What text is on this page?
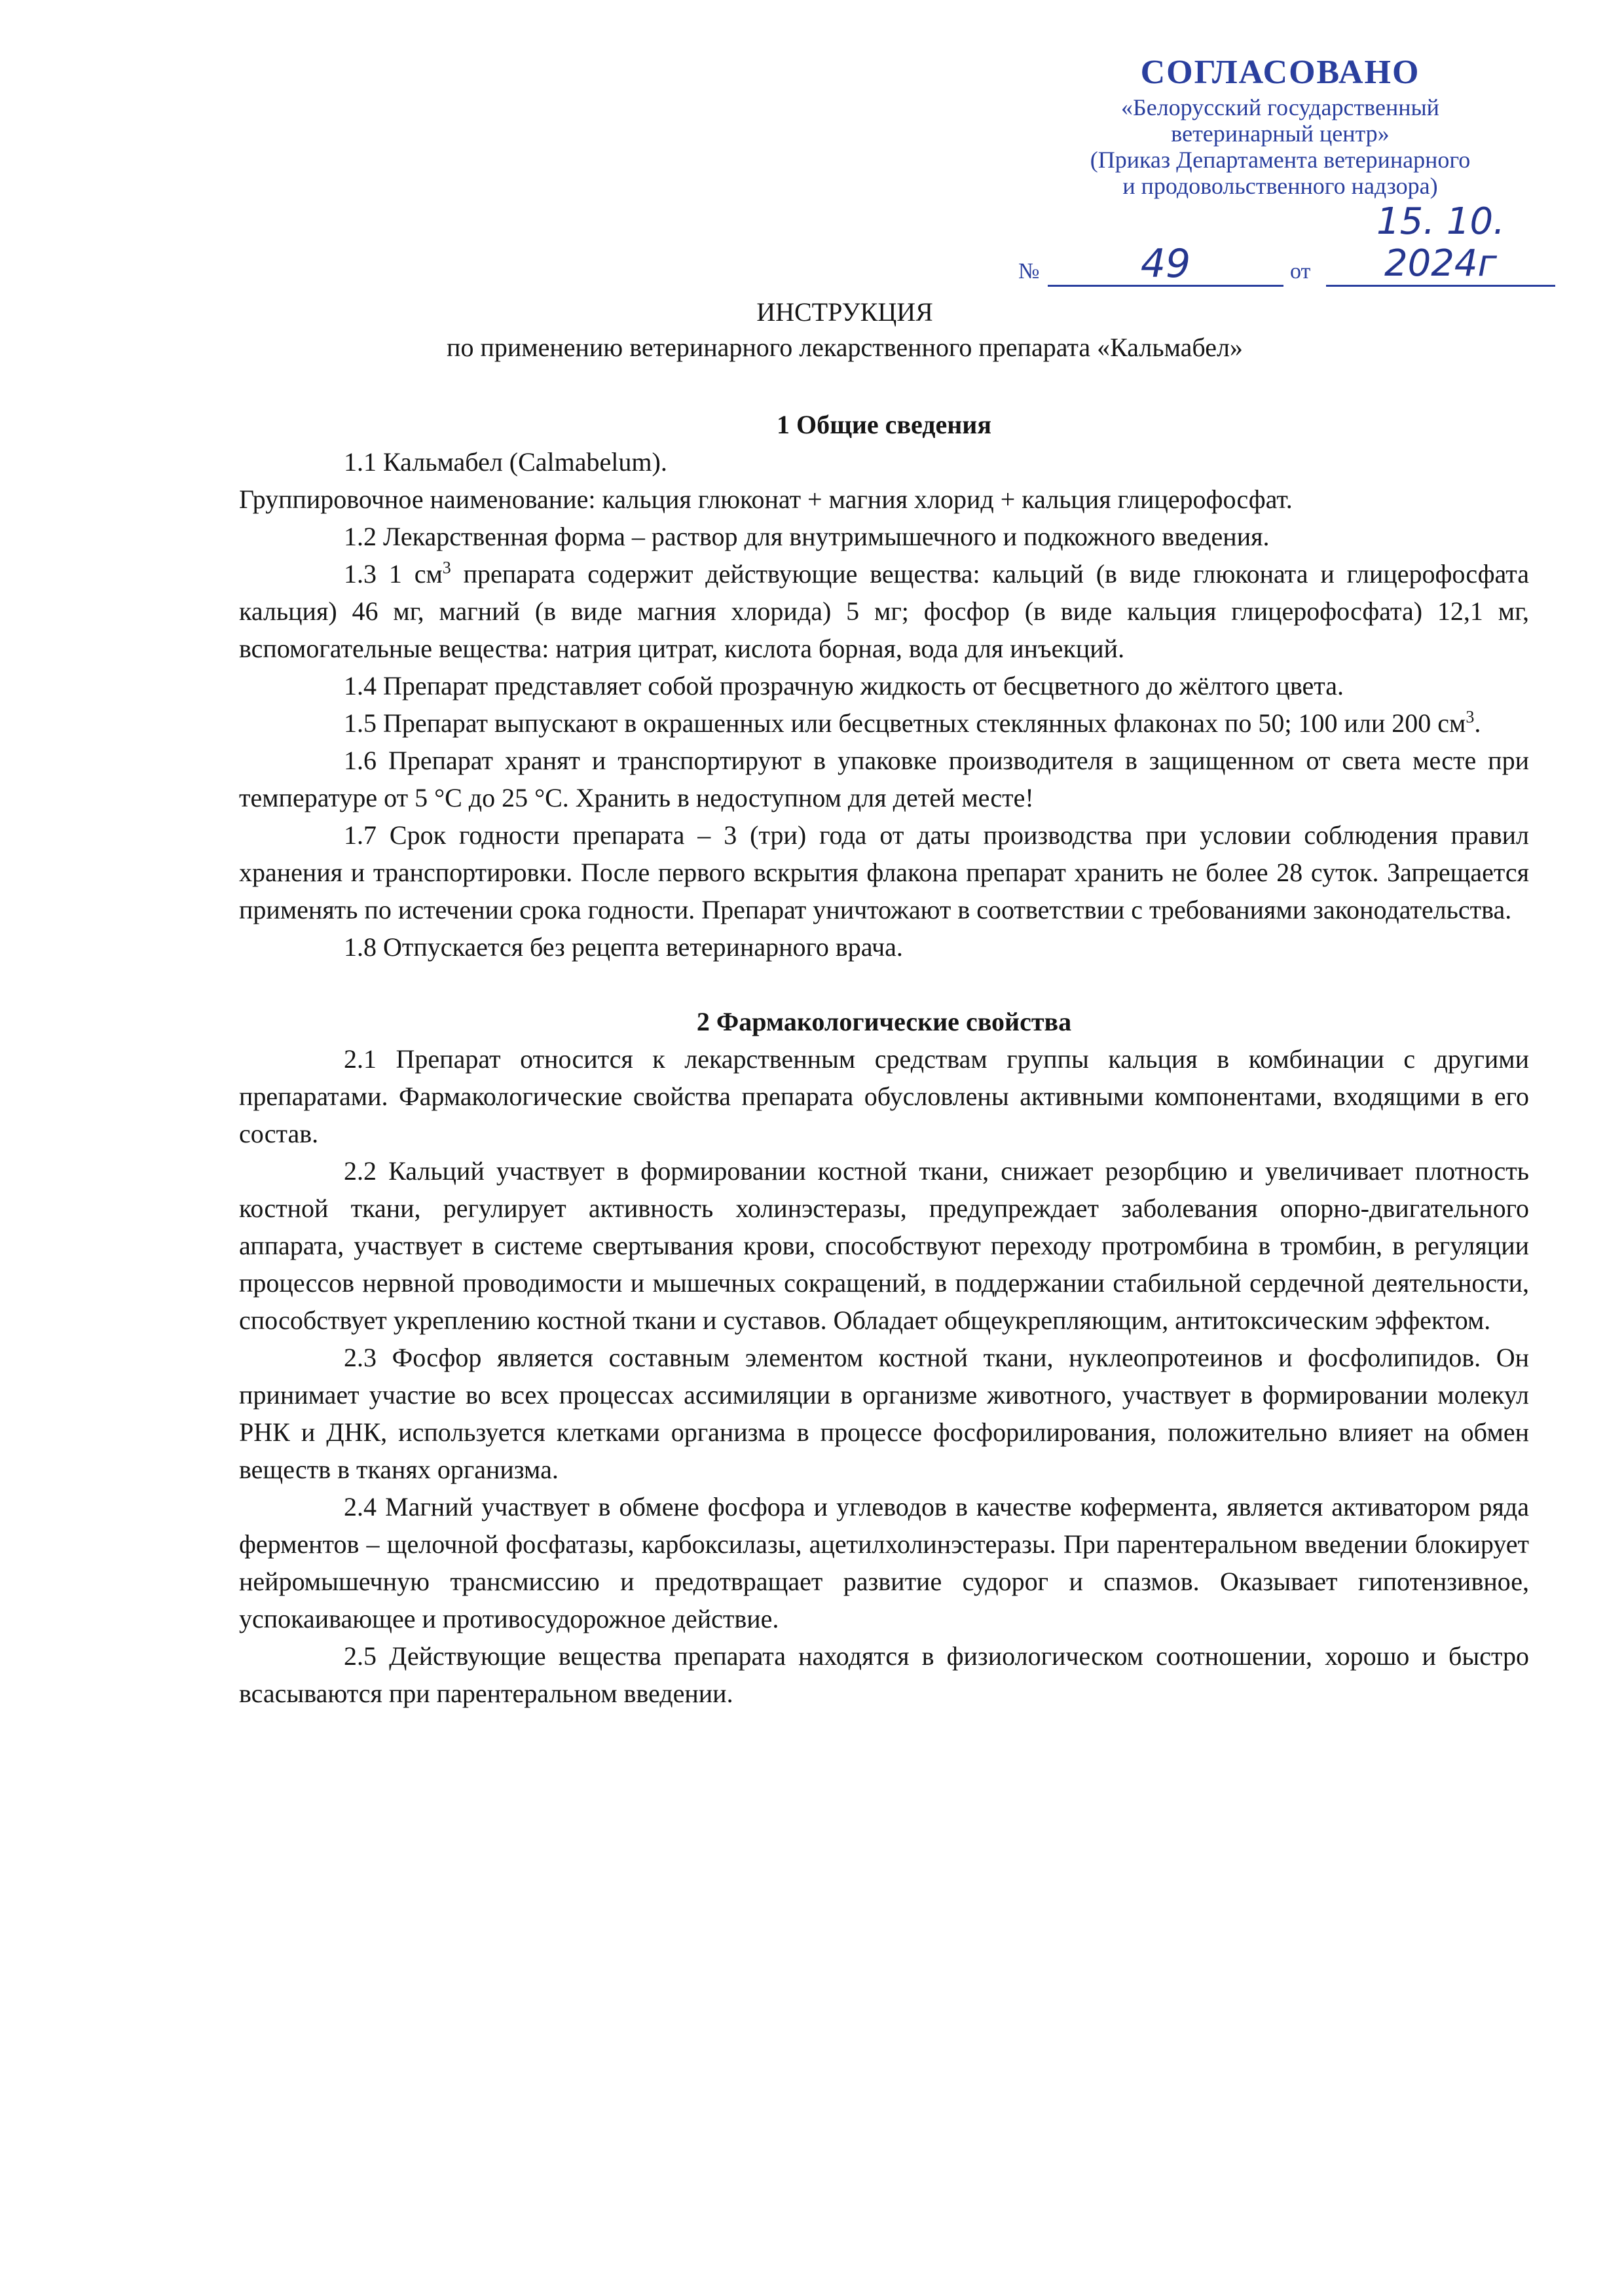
СОГЛАСОВАНО
«Белорусский государственный
ветеринарный центр»
(Приказ Департамента ветеринарного
и продовольственного надзора)
№	49	от
15. 10. 2024г
ИНСТРУКЦИЯ
по применению ветеринарного лекарственного препарата «Кальмабел»

1 Общие сведения

1.1 Кальмабел (Calmabelum).

Группировочное наименование: кальция глюконат + магния хлорид + кальция глицерофосфат.

1.2 Лекарственная форма – раствор для внутримышечного и подкожного введения.

1.3 1 $см^3$ препарата содержит действующие вещества: кальций (в виде глюконата и глицерофосфата кальция) 46 мг, магний (в виде магния хлорида) 5 мг; фосфор (в виде кальция глицерофосфата) 12,1 мг, вспомогательные вещества: натрия цитрат, кислота борная, вода для инъекций.

1.4 Препарат представляет собой прозрачную жидкость от бесцветного до жёлтого цвета.

1.5 Препарат выпускают в окрашенных или бесцветных стеклянных флаконах по 50; 100 или 200 $см^3$.

1.6 Препарат хранят и транспортируют в упаковке производителя в защищенном от света месте при температуре от 5 °С до 25 °С. Хранить в недоступном для детей месте!

1.7 Срок годности препарата – 3 (три) года от даты производства при условии соблюдения правил хранения и транспортировки. После первого вскрытия флакона препарат хранить не более 28 суток. Запрещается применять по истечении срока годности. Препарат уничтожают в соответствии с требованиями законодательства.

1.8 Отпускается без рецепта ветеринарного врача.

2 Фармакологические свойства

2.1 Препарат относится к лекарственным средствам группы кальция в комбинации с другими препаратами. Фармакологические свойства препарата обусловлены активными компонентами, входящими в его состав.

2.2 Кальций участвует в формировании костной ткани, снижает резорбцию и увеличивает плотность костной ткани, регулирует активность холинэстеразы, предупреждает заболевания опорно-двигательного аппарата, участвует в системе свертывания крови, способствуют переходу протромбина в тромбин, в регуляции процессов нервной проводимости и мышечных сокращений, в поддержании стабильной сердечной деятельности, способствует укреплению костной ткани и суставов. Обладает общеукрепляющим, антитоксическим эффектом.

2.3 Фосфор является составным элементом костной ткани, нуклеопротеинов и фосфолипидов. Он принимает участие во всех процессах ассимиляции в организме животного, участвует в формировании молекул РНК и ДНК, используется клетками организма в процессе фосфорилирования, положительно влияет на обмен веществ в тканях организма.

2.4 Магний участвует в обмене фосфора и углеводов в качестве кофермента, является активатором ряда ферментов – щелочной фосфатазы, карбоксилазы, ацетилхолинэстеразы. При парентеральном введении блокирует нейромышечную трансмиссию и предотвращает развитие судорог и спазмов. Оказывает гипотензивное, успокаивающее и противосудорожное действие.

2.5 Действующие вещества препарата находятся в физиологическом соотношении, хорошо и быстро всасываются при парентеральном введении.
